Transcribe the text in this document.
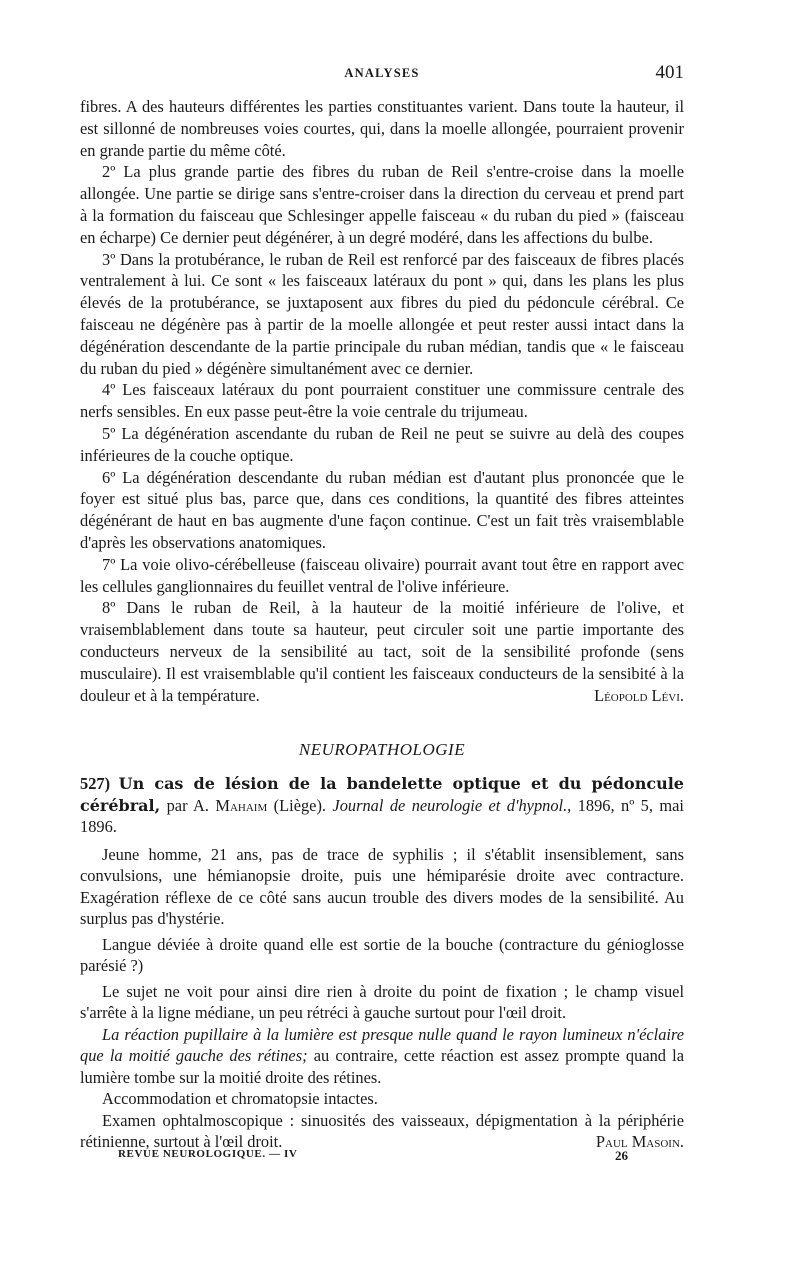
ANALYSES	401

fibres. A des hauteurs différentes les parties constituantes varient. Dans toute la hauteur, il est sillonné de nombreuses voies courtes, qui, dans la moelle allongée, pourraient provenir en grande partie du même côté.

2º La plus grande partie des fibres du ruban de Reil s'entre-croise dans la moelle allongée. Une partie se dirige sans s'entre-croiser dans la direction du cerveau et prend part à la formation du faisceau que Schlesinger appelle faisceau « du ruban du pied » (faisceau en écharpe) Ce dernier peut dégénérer, à un degré modéré, dans les affections du bulbe.

3º Dans la protubérance, le ruban de Reil est renforcé par des faisceaux de fibres placés ventralement à lui. Ce sont « les faisceaux latéraux du pont » qui, dans les plans les plus élevés de la protubérance, se juxtaposent aux fibres du pied du pédoncule cérébral. Ce faisceau ne dégénère pas à partir de la moelle allongée et peut rester aussi intact dans la dégénération descendante de la partie principale du ruban médian, tandis que « le faisceau du ruban du pied » dégénère simultanément avec ce dernier.

4º Les faisceaux latéraux du pont pourraient constituer une commissure centrale des nerfs sensibles. En eux passe peut-être la voie centrale du trijumeau.

5º La dégénération ascendante du ruban de Reil ne peut se suivre au delà des coupes inférieures de la couche optique.

6º La dégénération descendante du ruban médian est d'autant plus prononcée que le foyer est situé plus bas, parce que, dans ces conditions, la quantité des fibres atteintes dégénérant de haut en bas augmente d'une façon continue. C'est un fait très vraisemblable d'après les observations anatomiques.

7º La voie olivo-cérébelleuse (faisceau olivaire) pourrait avant tout être en rapport avec les cellules ganglionnaires du feuillet ventral de l'olive inférieure.

8º Dans le ruban de Reil, à la hauteur de la moitié inférieure de l'olive, et vraisemblablement dans toute sa hauteur, peut circuler soit une partie importante des conducteurs nerveux de la sensibilité au tact, soit de la sensibilité profonde (sens musculaire). Il est vraisemblable qu'il contient les faisceaux conducteurs de la sensibité à la douleur et à la température.	Léopold Lévi.

NEUROPATHOLOGIE

527) Un cas de lésion de la bandelette optique et du pédoncule cérébral, par A. Mahaim (Liège). Journal de neurologie et d'hypnol., 1896, nº 5, mai 1896.

Jeune homme, 21 ans, pas de trace de syphilis ; il s'établit insensiblement, sans convulsions, une hémianopsie droite, puis une hémiparésie droite avec contracture. Exagération réflexe de ce côté sans aucun trouble des divers modes de la sensibilité. Au surplus pas d'hystérie.

Langue déviée à droite quand elle est sortie de la bouche (contracture du génioglosse parésié ?)

Le sujet ne voit pour ainsi dire rien à droite du point de fixation ; le champ visuel s'arrête à la ligne médiane, un peu rétréci à gauche surtout pour l'œil droit.

La réaction pupillaire à la lumière est presque nulle quand le rayon lumineux n'éclaire que la moitié gauche des rétines; au contraire, cette réaction est assez prompte quand la lumière tombe sur la moitié droite des rétines.

Accommodation et chromatopsie intactes.

Examen ophtalmoscopique : sinuosités des vaisseaux, dépigmentation à la périphérie rétinienne, surtout à l'œil droit.	Paul Masoin.

REVUE NEUROLOGIQUE. — IV	26
